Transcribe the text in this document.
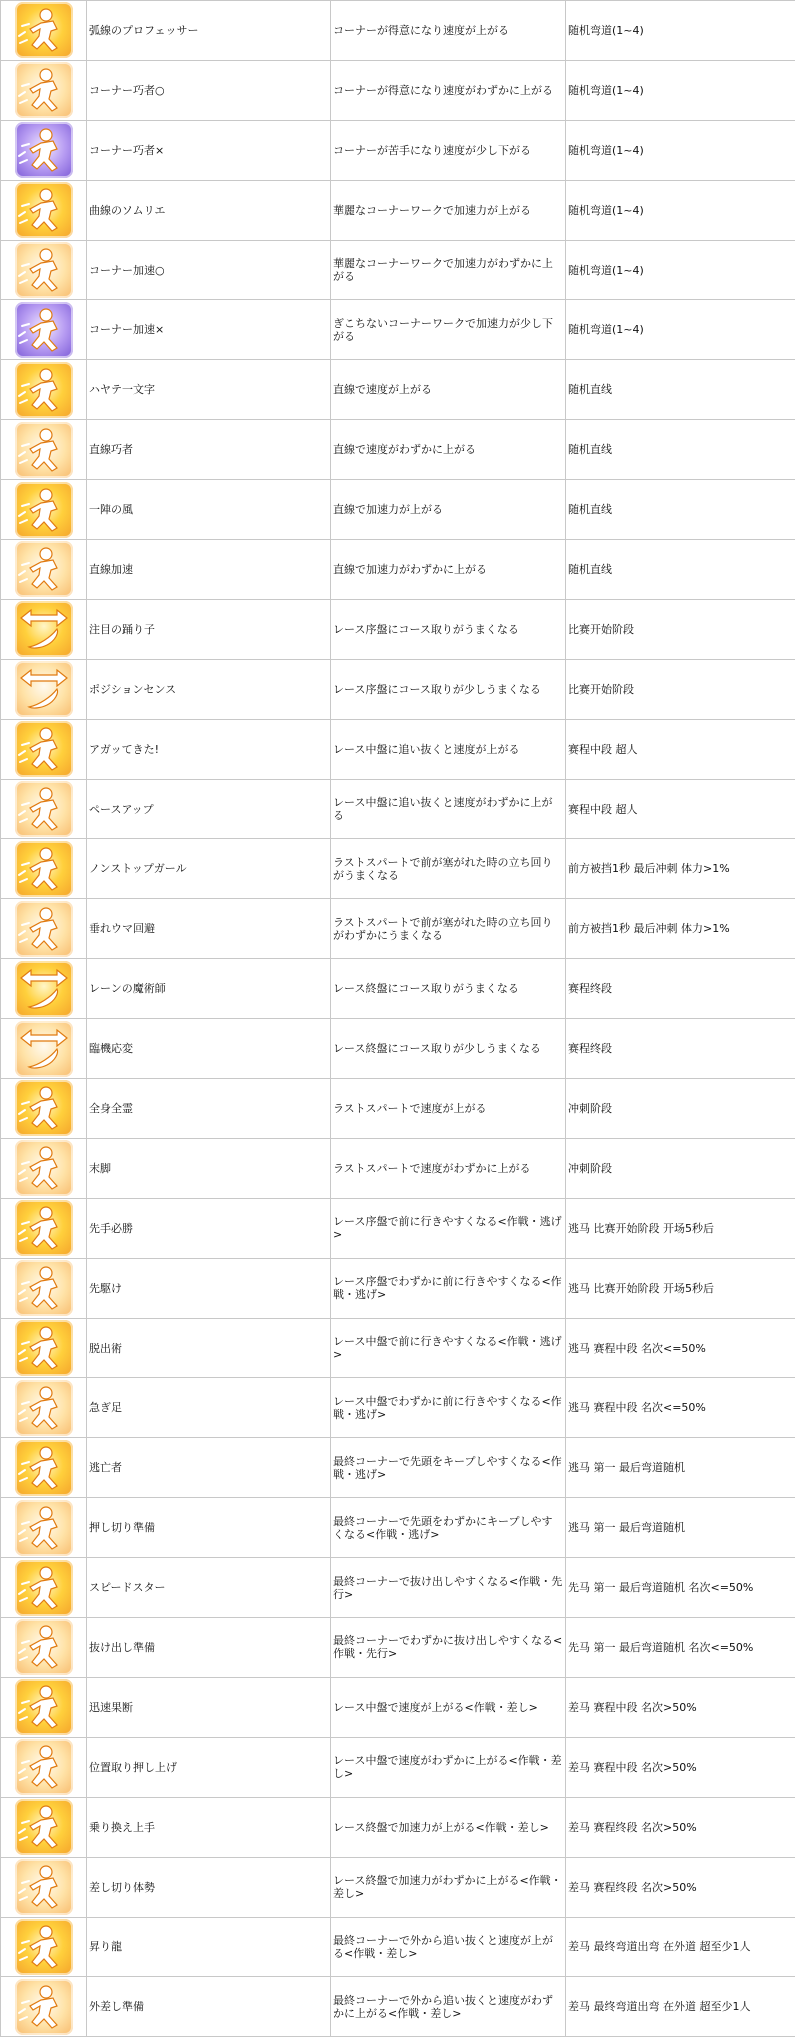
	弧線のプロフェッサー	コーナーが得意になり速度が上がる	随机弯道(1~4)

	コーナー巧者○	コーナーが得意になり速度がわずかに上がる	随机弯道(1~4)

	コーナー巧者×	コーナーが苦手になり速度が少し下がる	随机弯道(1~4)

	曲線のソムリエ	華麗なコーナーワークで加速力が上がる	随机弯道(1~4)

	コーナー加速○	華麗なコーナーワークで加速力がわずかに上がる	随机弯道(1~4)

	コーナー加速×	ぎこちないコーナーワークで加速力が少し下がる	随机弯道(1~4)

	ハヤテ一文字	直線で速度が上がる	随机直线

	直線巧者	直線で速度がわずかに上がる	随机直线

	一陣の風	直線で加速力が上がる	随机直线

	直線加速	直線で加速力がわずかに上がる	随机直线

	注目の踊り子	レース序盤にコース取りがうまくなる	比赛开始阶段

	ポジションセンス	レース序盤にコース取りが少しうまくなる	比赛开始阶段

	アガッてきた!	レース中盤に追い抜くと速度が上がる	赛程中段 超人

	ペースアップ	レース中盤に追い抜くと速度がわずかに上がる	赛程中段 超人

	ノンストップガール	ラストスパートで前が塞がれた時の立ち回りがうまくなる	前方被挡1秒 最后冲刺 体力>1%

	垂れウマ回避	ラストスパートで前が塞がれた時の立ち回りがわずかにうまくなる	前方被挡1秒 最后冲刺 体力>1%

	レーンの魔術師	レース終盤にコース取りがうまくなる	赛程终段

	臨機応変	レース終盤にコース取りが少しうまくなる	赛程终段

	全身全霊	ラストスパートで速度が上がる	冲刺阶段

	末脚	ラストスパートで速度がわずかに上がる	冲刺阶段

	先手必勝	レース序盤で前に行きやすくなる<作戦・逃げ>	逃马 比赛开始阶段 开场5秒后

	先駆け	レース序盤でわずかに前に行きやすくなる<作戦・逃げ>	逃马 比赛开始阶段 开场5秒后

	脱出術	レース中盤で前に行きやすくなる<作戦・逃げ>	逃马 赛程中段 名次<=50%

	急ぎ足	レース中盤でわずかに前に行きやすくなる<作戦・逃げ>	逃马 赛程中段 名次<=50%

	逃亡者	最終コーナーで先頭をキープしやすくなる<作戦・逃げ>	逃马 第一 最后弯道随机

	押し切り準備	最終コーナーで先頭をわずかにキープしやすくなる<作戦・逃げ>	逃马 第一 最后弯道随机

	スピードスター	最終コーナーで抜け出しやすくなる<作戦・先行>	先马 第一 最后弯道随机 名次<=50%

	抜け出し準備	最終コーナーでわずかに抜け出しやすくなる<作戦・先行>	先马 第一 最后弯道随机 名次<=50%

	迅速果断	レース中盤で速度が上がる<作戦・差し>	差马 赛程中段 名次>50%

	位置取り押し上げ	レース中盤で速度がわずかに上がる<作戦・差し>	差马 赛程中段 名次>50%

	乗り換え上手	レース終盤で加速力が上がる<作戦・差し>	差马 赛程终段 名次>50%

	差し切り体勢	レース終盤で加速力がわずかに上がる<作戦・差し>	差马 赛程终段 名次>50%

	昇り龍	最終コーナーで外から追い抜くと速度が上がる<作戦・差し>	差马 最终弯道出弯 在外道 超至少1人

	外差し準備	最終コーナーで外から追い抜くと速度がわずかに上がる<作戦・差し>	差马 最终弯道出弯 在外道 超至少1人
